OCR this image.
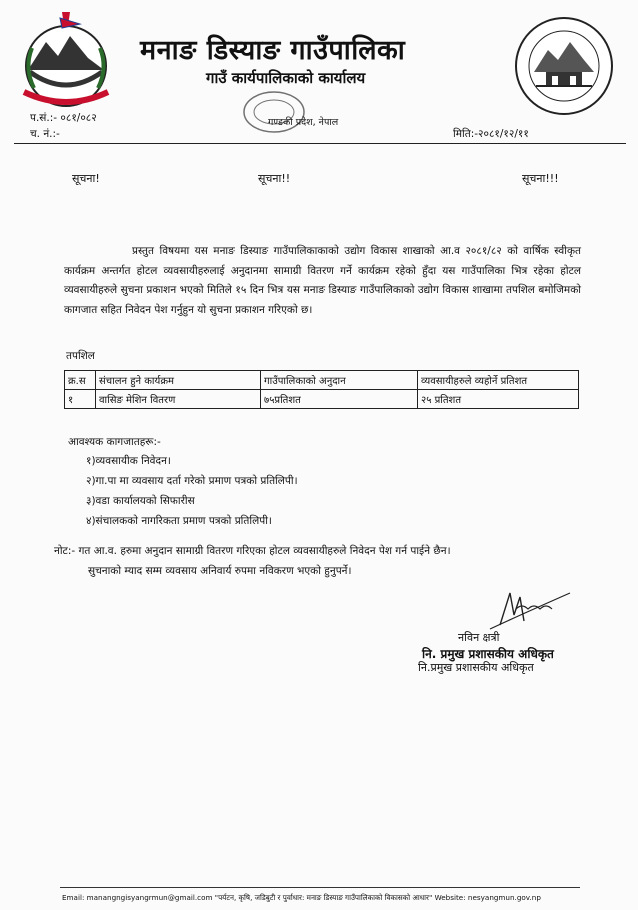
मनाङ डिस्याङ गाउँपालिका
गाउँ कार्यपालिकाको कार्यालय
गण्डकी प्रदेश, नेपाल
प.सं.:- ०८१/०८२
च. नं.:-	मिति:-२०८१/१२/११
सूचना!	सूचना!!	सूचना!!!
प्रस्तुत विषयमा यस मनाङ डिस्याङ गाउँपालिकाकाको उद्योग विकास शाखाको आ.व २०८१/८२ को वार्षिक स्वीकृत कार्यक्रम अन्तर्गत होटल व्यवसायीहरुलाई अनुदानमा सामाग्री वितरण गर्ने कार्यक्रम रहेको हुँदा यस गाउँपालिका भित्र रहेका होटल व्यवसायीहरुले सुचना प्रकाशन भएको मितिले १५ दिन भित्र यस मनाङ डिस्याङ गाउँपालिकाको उद्योग विकास शाखामा तपशिल बमोजिमको कागजात सहित निवेदन पेश गर्नुहुन यो सुचना प्रकाशन गरिएको छ।
तपशिल
क्र.स	संचालन हुने कार्यक्रम	गाउँपालिकाको अनुदान	व्यवसायीहरुले व्यहोर्ने प्रतिशत
१	वासिङ मेशिन वितरण	७५प्रतिशत	२५ प्रतिशत
आवश्यक कागजातहरू:-
१)व्यवसायीक निवेदन।
२)गा.पा मा व्यवसाय दर्ता गरेको प्रमाण पत्रको प्रतिलिपी।
३)वडा कार्यालयको सिफारीस
४)संचालकको नागरिकता प्रमाण पत्रको प्रतिलिपी।
नोट:- गत आ.व. हरुमा अनुदान सामाग्री वितरण गरिएका होटल व्यवसायीहरुले निवेदन पेश गर्न पाईने छैन।
सुचनाको म्याद सम्म व्यवसाय अनिवार्य रुपमा नविकरण भएको हुनुपर्ने।
नविन क्षत्री
नि. प्रमुख प्रशासकीय अधिकृत
नि.प्रमुख प्रशासकीय अधिकृत
Email: manangngisyangrmun@gmail.com "पर्यटन, कृषि, जडिबुटी र पुर्वाधार: मनाङ डिस्याङ गाउँपालिकाको विकासको आधार" Website: nesyangmun.gov.np
